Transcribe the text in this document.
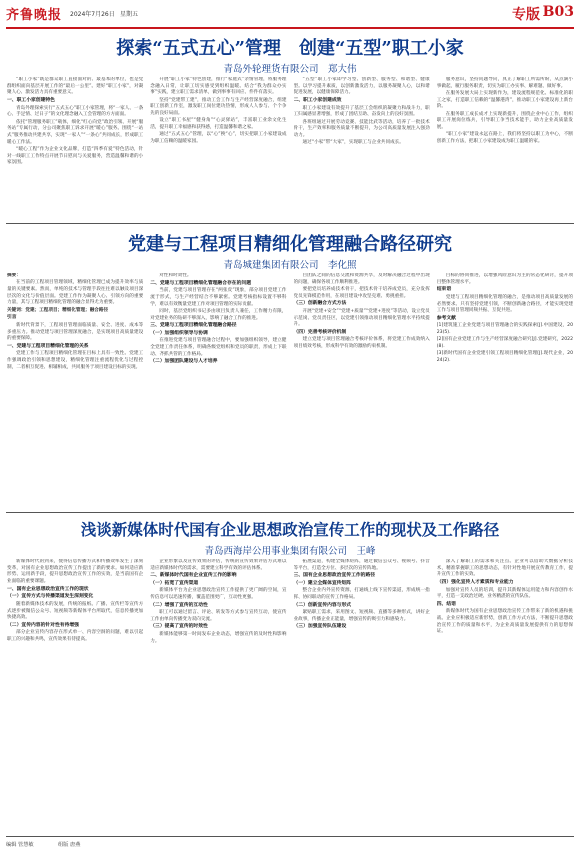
齐鲁晚报 2024年7月26日 星期五	专版 B03
探索“五式五心”管理　创建“五型”职工小家
青岛外轮理货有限公司　郑大伟

“职工小家”既是群众职工直接面对的、最基本的单位，也是党群组织面向基层开展工作的“最后一公里”。建好“职工小家”，对凝聚人心、激发活力具有重要意义。

一、职工小家创建特色

青岛外理探索实行“五式五心”职工小家管理，将“一家人、一条心、手足情、过日子”的文化理念融入工会管理的方方面面。

依托“管理服务职工”载体，细化“红心向党”政治引领、开展“服务站”专属行动，分公司聚焦职工诉求开展“暖心”服务。围绕“一站式”服务推动共建共享，实现“一家人”“一条心”共同成长，形成职工暖心工作法。

“暖心工程”作为企业文化品牌，打造“四季有爱”特色活动，针对一线职工工作特点开展节日慰问与关爱服务，营造温馨和谐的小家氛围。

开展“职工小家”特色创建，推行“家庭式”亲情管理，将服务理念融入日常，让职工切实感受到组织温暖。结合“我为群众办实事”实践，建立职工需求清单，做到事事有回应、件件有落实。

坚持“党建带工建”，推动工会工作与生产经营深度融合，组建职工创新工作室，激发职工岗位建功热情，形成人人参与、个个争先的良好局面。

设立“职工书屋”“健身角”“心灵驿站”，丰富职工业余文化生活，提升职工幸福感和获得感，打造温馨和谐之家。

通过“五式五心”管理，以“心”换“心”，切实把职工小家建设成为职工信赖的温暖家园。

“五型”职工小家即学习型、创新型、服务型、和谐型、健康型。以学习提升素质，以创新激发活力，以服务凝聚人心，以和谐促进发展，以健康保障活力。

二、职工小家创建成效

职工小家建设有效提升了基层工会组织的凝聚力和战斗力，职工归属感显著增强，形成了团结互助、奋发向上的良好氛围。

各班组通过开展劳动竞赛、技能比武等活动，培养了一批技术骨干，生产效率和服务质量不断提升，为公司高质量发展注入强劲动力。

通过“小家”带“大家”，实现职工与企业共同成长。

服务意识，坚持问题导向，真正了解职工所需所盼，从点滴小事做起，履行服务职责，切实为职工办实事、解难题、做好事。

在服务发展大局上实现新作为，建设流程规范化、标准化的职工之家，打造职工信赖的“温馨港湾”，推动职工小家建设再上新台阶。

在服务职工成长成才上实现新提升，围绕企业中心工作，组织职工开展岗位练兵，引导职工争当技术能手，助力企业高质量发展。

“职工小家”建设永远在路上，我们将坚持以职工为中心，不断创新工作方法，把职工小家建设成为职工温暖的家。

党建与工程项目精细化管理融合路径研究
青岛城建集团有限公司　李化照

摘要：

在当前的工程项目管理领域，精细化管理已成为提升效率与质量的关键要素。然而，单纯的技术与管理手段往往难以触及项目深层次的文化与价值层面。党建工作作为凝聚人心、引领方向的重要力量，其与工程项目精细化管理的融合显得尤为重要。

关键词：党建；工程项目；精细化管理；融合路径

引言

新时代背景下，工程项目管理面临质量、安全、进度、成本等多重压力。推动党建与项目管理深度融合，是实现项目高质量建设的重要保障。

一、党建与工程项目精细化管理的关系

党建工作与工程项目精细化管理在目标上具有一致性。党建工作强调政治引领和思想建设，精细化管理注重流程优化与过程控制，二者相互促进、相辅相成，共同服务于项目建设目标的实现。

对性和时效性。

二、党建与工程项目精细化管理融合存在的问题

当前，党建与项目管理存在“两张皮”现象，部分项目党建工作流于形式，与生产经营结合不够紧密。党建考核指标设置不够科学，难以有效衡量党建工作对项目管理的实际贡献。

同时，基层党组织书记多由项目负责人兼任，工作精力有限，对党建业务的钻研不够深入，影响了融合工作的推进。

三、党建与工程项目精细化管理融合路径
（一）加强组织领导与协调

在推进党建与项目管理融合过程中，要加强组织领导，建立健全党建工作责任体系，明确各级党组织和党员的职责，形成上下联动、齐抓共管的工作格局。

（二）加强团队建设与人才培养

目团队之间的信息交流和资源共享，及时解决融合过程中出现的问题，确保各项工作顺利推进。

要把党员培养成技术骨干，把技术骨干培养成党员，充分发挥党员先锋模范作用，在项目建设中攻坚克难、勇挑重担。

（三）创新融合方式方法

开展“党建+安全”“党建+质量”“党建+进度”等活动，设立党员示范岗、党员责任区，以党建引领推动项目精细化管理水平持续提升。

（四）完善考核评价机制

建立党建与项目管理融合考核评价体系，将党建工作成效纳入项目绩效考核，形成科学有效的激励约束机制。

目标的协同推进，以增强风险意识为主的常态化研讨，提升项目整体管理水平。

结束语

党建与工程项目精细化管理的融合，是推动项目高质量发展的必然要求。只有坚持党建引领，不断创新融合路径，才能实现党建工作与项目管理同频共振、互促共进。

参考文献

[1]建筑施工企业党建与项目管理融合的实践探索[J].中国建设，2023(5).

[2]国有企业党建工作与生产经营深度融合研究[J].党建研究，2022(8).

[3]新时代国有企业党建引领工程项目精细化管理[J].现代企业，2024(2).

浅谈新媒体时代国有企业思想政治宣传工作的现状及工作路径
青岛西海岸公用事业集团有限公司　王峰

新媒体时代的到来，使得信息传播方式和传播效率发生了深刻变革，对国有企业思想政治宣传工作提出了新的要求。如何适应新形势、运用新手段，提升思想政治宣传工作的实效，是当前国有企业面临的重要课题。

一、国有企业思想政治宣传工作的现状
（一）宣传方式与传播渠道发生深刻变化

随着新媒体技术的发展，传统的报纸、广播、宣传栏等宣传方式逐步被微信公众号、短视频等新媒体平台所取代，信息传播更加快捷高效。

（二）宣传内容的针对性有待增强

部分企业宣传内容存在形式单一、内容空洞的问题，难以引起职工的兴趣和共鸣，宣传效果有待提高。

企业形象以及宣传效果的评估，传统的宣传效果评估方式难以适应新媒体时代的需求，需要建立科学有效的评估体系。

二、新媒体时代国有企业宣传工作的影响
（一）拓宽了宣传渠道

新媒体平台为企业思想政治宣传工作提供了更广阔的空间，宣传信息可以迅速传播，覆盖范围更广，互动性更强。

（二）增强了宣传的互动性

职工可以通过留言、评论、转发等方式参与宣传互动，使宣传工作由单向传播变为双向交流。

（三）提高了宣传的时效性

新媒体能够第一时间发布企业动态，增强宣传的及时性和影响力。

拓展渠道，构建全媒体矩阵，通过微信公众号、视频号、抖音等平台，打造全方位、多层次的宣传阵地。

三、国有企业思想政治宣传工作的路径
（一）建立全媒体宣传矩阵

整合企业内外宣传资源，打通线上线下宣传渠道，形成统一指挥、协同联动的宣传工作格局。

（二）创新宣传内容与形式

紧贴职工需求，采用图文、短视频、直播等多种形式，讲好企业故事，传播企业正能量，增强宣传的吸引力和感染力。

（三）加强宣传队伍建设

深入了解职工的需求和关注点。企业可以借助大数据分析技术，精准掌握职工的思想动态，有针对性地开展宣传教育工作，提升宣传工作的实效。

（四）强化宣传人才素质和专业能力

加强对宣传人员的培训，提升其新媒体运用能力和内容创作水平，打造一支政治过硬、业务精湛的宣传队伍。

四、结语

新媒体时代为国有企业思想政治宣传工作带来了新的机遇和挑战。企业应积极适应新形势，创新工作方式方法，不断提升思想政治宣传工作的质量和水平，为企业高质量发展提供有力的思想保证。

编辑 管慧敏	组版 唐燕
